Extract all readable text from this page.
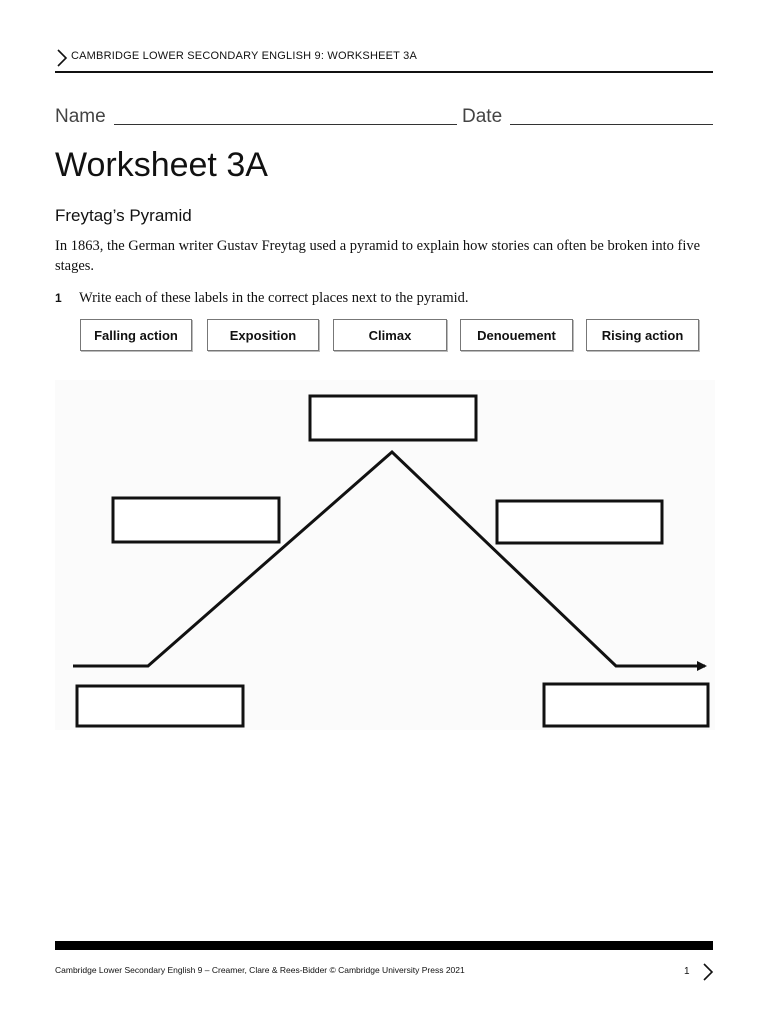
CAMBRIDGE LOWER SECONDARY ENGLISH 9: WORKSHEET 3A
Name	Date
Worksheet 3A
Freytag’s Pyramid
In 1863, the German writer Gustav Freytag used a pyramid to explain how stories can often be broken into five stages.
1 Write each of these labels in the correct places next to the pyramid.
Falling action	Exposition	Climax	Denouement	Rising action
Cambridge Lower Secondary English 9 – Creamer, Clare & Rees-Bidder © Cambridge University Press 2021	1
